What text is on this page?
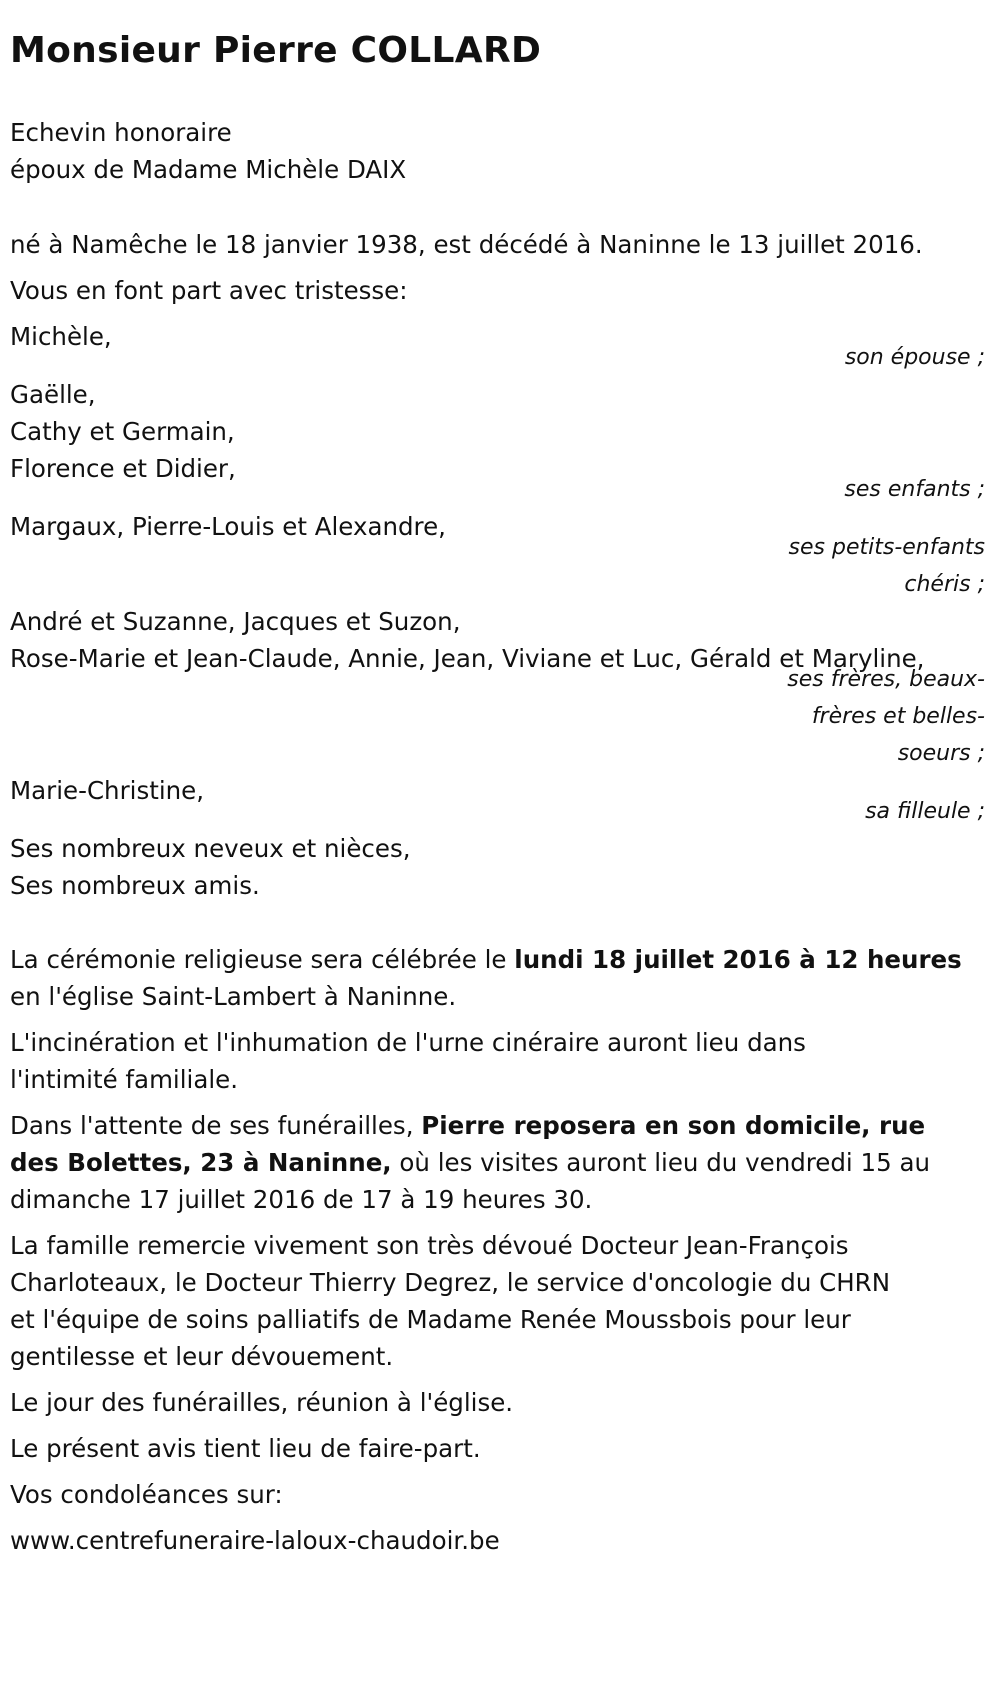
Monsieur Pierre COLLARD
Echevin honoraire
époux de Madame Michèle DAIX
né à Namêche le 18 janvier 1938, est décédé à Naninne le 13 juillet 2016.
Vous en font part avec tristesse:
Michèle,
son épouse ;
Gaëlle,
Cathy et Germain,
Florence et Didier,
ses enfants ;
Margaux, Pierre-Louis et Alexandre,
ses petits-enfants
chéris ;
André et Suzanne, Jacques et Suzon,
Rose-Marie et Jean-Claude, Annie, Jean, Viviane et Luc, Gérald et Maryline,
ses frères, beaux-
frères et belles-
soeurs ;
Marie-Christine,
sa filleule ;
Ses nombreux neveux et nièces,
Ses nombreux amis.
La cérémonie religieuse sera célébrée le lundi 18 juillet 2016 à 12 heures
en l'église Saint-Lambert à Naninne.
L'incinération et l'inhumation de l'urne cinéraire auront lieu dans
l'intimité familiale.
Dans l'attente de ses funérailles, Pierre reposera en son domicile, rue
des Bolettes, 23 à Naninne, où les visites auront lieu du vendredi 15 au
dimanche 17 juillet 2016 de 17 à 19 heures 30.
La famille remercie vivement son très dévoué Docteur Jean-François
Charloteaux, le Docteur Thierry Degrez, le service d'oncologie du CHRN
et l'équipe de soins palliatifs de Madame Renée Moussbois pour leur
gentilesse et leur dévouement.
Le jour des funérailles, réunion à l'église.
Le présent avis tient lieu de faire-part.
Vos condoléances sur:
www.centrefuneraire-laloux-chaudoir.be
